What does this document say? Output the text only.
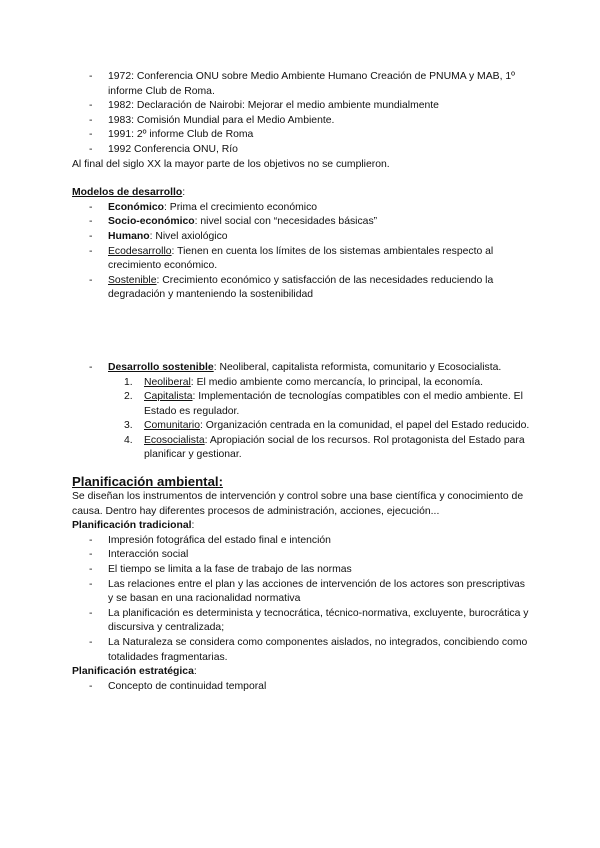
- 1972: Conferencia ONU sobre Medio Ambiente Humano Creación de PNUMA y MAB, 1º informe Club de Roma.
- 1982: Declaración de Nairobi: Mejorar el medio ambiente mundialmente
- 1983: Comisión Mundial para el Medio Ambiente.
- 1991: 2º informe Club de Roma
- 1992 Conferencia ONU, Río
Al final del siglo XX la mayor parte de los objetivos no se cumplieron.
Modelos de desarrollo:
- Económico: Prima el crecimiento económico
- Socio-económico: nivel social con “necesidades básicas”
- Humano: Nivel axiológico
- Ecodesarrollo: Tienen en cuenta los límites de los sistemas ambientales respecto al crecimiento económico.
- Sostenible: Crecimiento económico y satisfacción de las necesidades reduciendo la degradación y manteniendo la sostenibilidad
- Desarrollo sostenible: Neoliberal, capitalista reformista, comunitario y Ecosocialista.
1. Neoliberal: El medio ambiente como mercancía, lo principal, la economía.
2. Capitalista: Implementación de tecnologías compatibles con el medio ambiente. El Estado es regulador.
3. Comunitario: Organización centrada en la comunidad, el papel del Estado reducido.
4. Ecosocialista: Apropiación social de los recursos. Rol protagonista del Estado para planificar y gestionar.
Planificación ambiental:
Se diseñan los instrumentos de intervención y control sobre una base científica y conocimiento de causa. Dentro hay diferentes procesos de administración, acciones, ejecución...
Planificación tradicional:
- Impresión fotográfica del estado final e intención
- Interacción social
- El tiempo se limita a la fase de trabajo de las normas
- Las relaciones entre el plan y las acciones de intervención de los actores son prescriptivas y se basan en una racionalidad normativa
- La planificación es determinista y tecnocrática, técnico-normativa, excluyente, burocrática y discursiva y centralizada;
- La Naturaleza se considera como componentes aislados, no integrados, concibiendo como totalidades fragmentarias.
Planificación estratégica:
- Concepto de continuidad temporal
